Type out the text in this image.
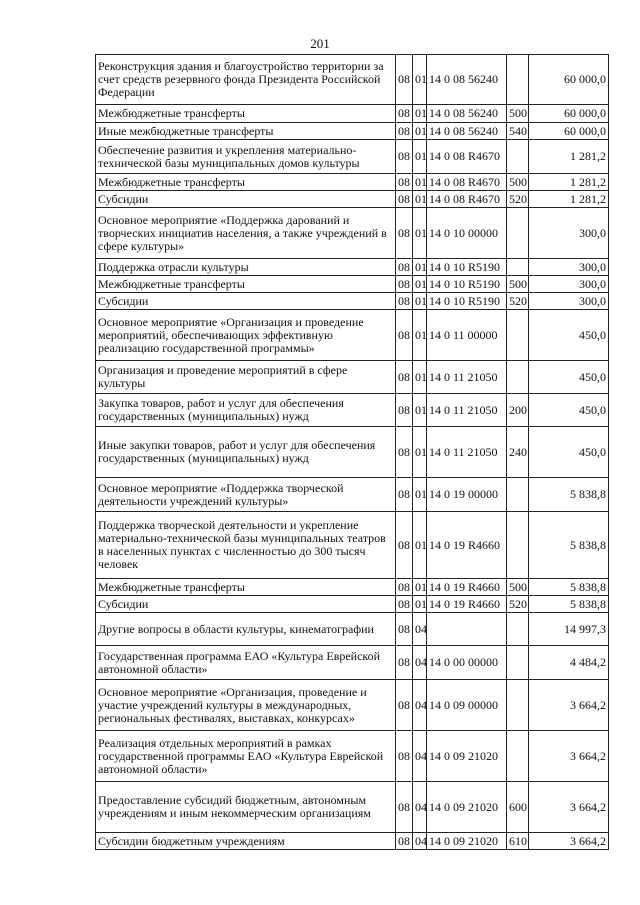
201
Реконструкция здания и благоустройство территории за счет средств резервного фонда Президента Российской Федерации	08	01	14 0 08 56240		60 000,0
Межбюджетные трансферты	08	01	14 0 08 56240	500	60 000,0
Иные межбюджетные трансферты	08	01	14 0 08 56240	540	60 000,0
Обеспечение развития и укрепления материально-технической базы муниципальных домов культуры	08	01	14 0 08 R4670		1 281,2
Межбюджетные трансферты	08	01	14 0 08 R4670	500	1 281,2
Субсидии	08	01	14 0 08 R4670	520	1 281,2
Основное мероприятие «Поддержка дарований и творческих инициатив населения, а также учреждений в сфере культуры»	08	01	14 0 10 00000		300,0
Поддержка отрасли культуры	08	01	14 0 10 R5190		300,0
Межбюджетные трансферты	08	01	14 0 10 R5190	500	300,0
Субсидии	08	01	14 0 10 R5190	520	300,0
Основное мероприятие «Организация и проведение мероприятий, обеспечивающих эффективную реализацию государственной программы»	08	01	14 0 11 00000		450,0
Организация и проведение мероприятий в сфере культуры	08	01	14 0 11 21050		450,0
Закупка товаров, работ и услуг для обеспечения государственных (муниципальных) нужд	08	01	14 0 11 21050	200	450,0
Иные закупки товаров, работ и услуг для обеспечения государственных (муниципальных) нужд	08	01	14 0 11 21050	240	450,0
Основное мероприятие «Поддержка творческой деятельности учреждений культуры»	08	01	14 0 19 00000		5 838,8
Поддержка творческой деятельности и укрепление материально-технической базы муниципальных театров в населенных пунктах с численностью до 300 тысяч человек	08	01	14 0 19 R4660		5 838,8
Межбюджетные трансферты	08	01	14 0 19 R4660	500	5 838,8
Субсидии	08	01	14 0 19 R4660	520	5 838,8
Другие вопросы в области культуры, кинематографии	08	04			14 997,3
Государственная программа ЕАО «Культура Еврейской автономной области»	08	04	14 0 00 00000		4 484,2
Основное мероприятие «Организация, проведение и участие учреждений культуры в международных, региональных фестивалях, выставках, конкурсах»	08	04	14 0 09 00000		3 664,2
Реализация отдельных мероприятий в рамках государственной программы ЕАО «Культура Еврейской автономной области»	08	04	14 0 09 21020		3 664,2
Предоставление субсидий бюджетным, автономным учреждениям и иным некоммерческим организациям	08	04	14 0 09 21020	600	3 664,2
Субсидии бюджетным учреждениям	08	04	14 0 09 21020	610	3 664,2
